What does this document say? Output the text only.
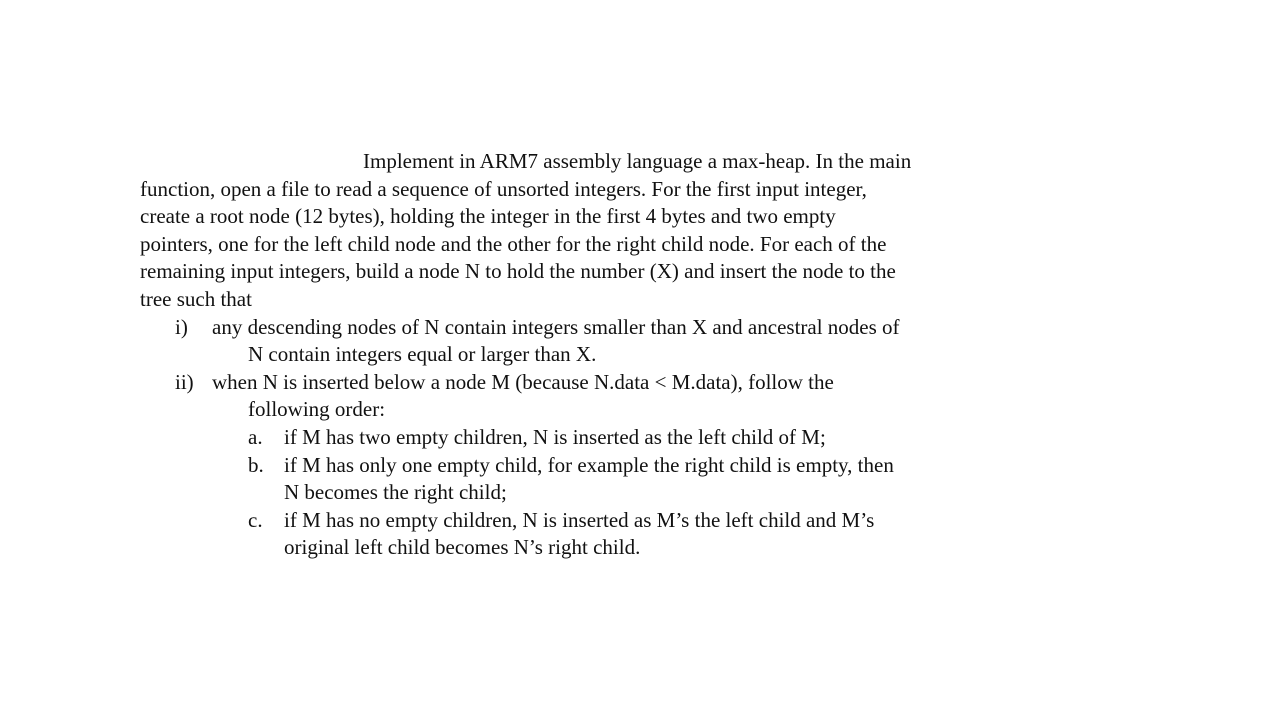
Implement in ARM7 assembly language a max-heap. In the main
function, open a file to read a sequence of unsorted integers. For the first input integer,
create a root node (12 bytes), holding the integer in the first 4 bytes and two empty
pointers, one for the left child node and the other for the right child node. For each of the
remaining input integers, build a node N to hold the number (X) and insert the node to the
tree such that
i)	any descending nodes of N contain integers smaller than X and ancestral nodes of
N contain integers equal or larger than X.
ii) when N is inserted below a node M (because N.data < M.data), follow the
following order:
a.	if M has two empty children, N is inserted as the left child of M;
b. if M has only one empty child, for example the right child is empty, then
N becomes the right child;
c.	if M has no empty children, N is inserted as M’s the left child and M’s
original left child becomes N’s right child.
